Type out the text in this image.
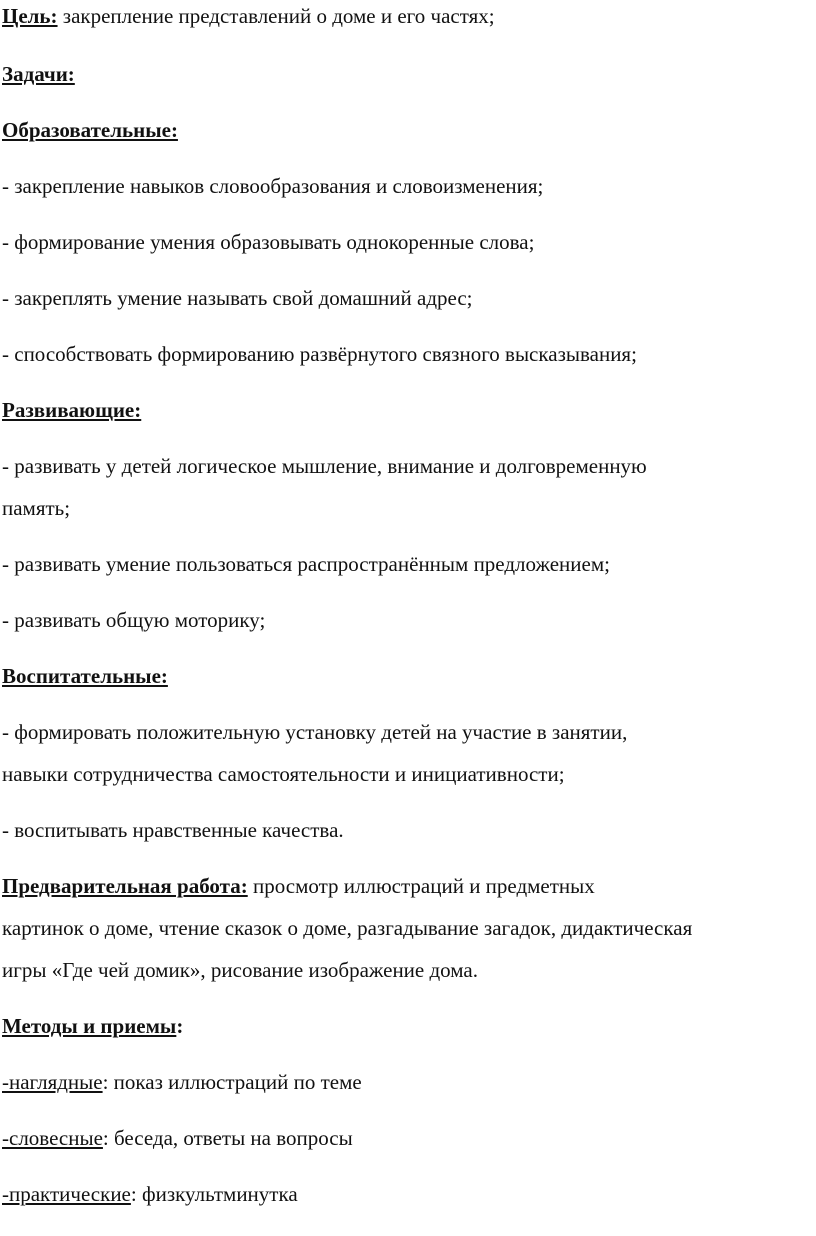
Цель: закрепление представлений о доме и его частях;
Задачи:
Образовательные:
- закрепление навыков словообразования и словоизменения;
- формирование умения образовывать однокоренные слова;
- закреплять умение называть свой домашний адрес;
- способствовать формированию развёрнутого связного высказывания;
Развивающие:
- развивать у детей логическое мышление, внимание и долговременную
память;
- развивать умение пользоваться распространённым предложением;
- развивать общую моторику;
Воспитательные:
- формировать положительную установку детей на участие в занятии,
навыки сотрудничества самостоятельности и инициативности;
- воспитывать нравственные качества.
Предварительная работа: просмотр иллюстраций и предметных
картинок о доме, чтение сказок о доме, разгадывание загадок, дидактическая
игры «Где чей домик», рисование изображение дома.
Методы и приемы:
-наглядные: показ иллюстраций по теме
-словесные: беседа, ответы на вопросы
-практические: физкультминутка
